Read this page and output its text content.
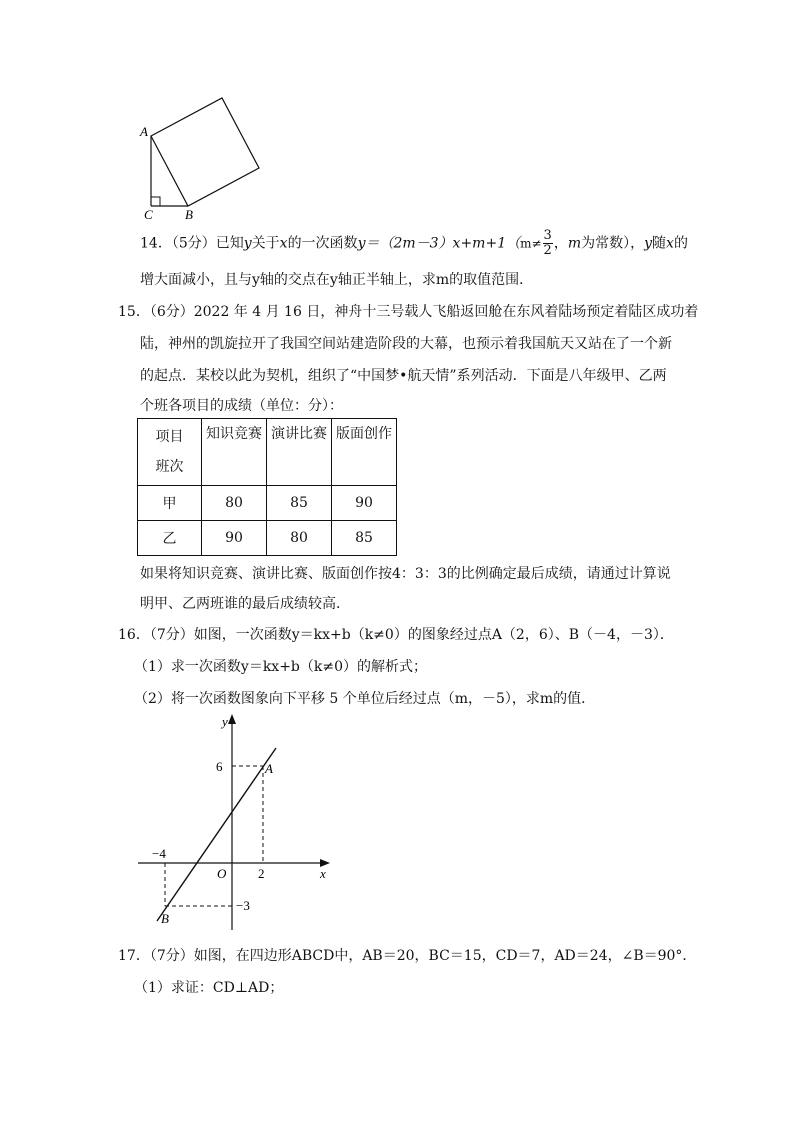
A
C B
14．（5分）已知y关于x的一次函数$y=(2m-3)x+m+1(m\ne \frac{3}{2}$ ，m为常数），y随x的
增大面减小，且与y轴的交点在y轴正半轴上，求m的取值范围．
15．（6分）2022 年 4 月 16 日，神舟十三号载人飞船返回舱在东风着陆场预定着陆区成功着
陆，神州的凯旋拉开了我国空间站建造阶段的大幕，也预示着我国航天又站在了一个新
的起点．某校以此为契机，组织了“中国梦•航天情”系列活动．下面是八年级甲、乙两
个班各项目的成绩（单位：分）：
项目
班次	知识竞赛	演讲比赛	版面创作
甲	80	85	90
乙	90	80	85
如果将知识竞赛、演讲比赛、版面创作按4：3：3的比例确定最后成绩，请通过计算说
明甲、乙两班谁的最后成绩较高．
16．（7分）如图，一次函数y＝kx+b（k≠0）的图象经过点A（2，6）、B（－4，－3）．
（1）求一次函数y＝kx+b（k≠0）的解析式；
（2）将一次函数图象向下平移 5 个单位后经过点（m，－5），求m的值．
y
x
O
A
B
6
2
−4
−3
17．（7分）如图，在四边形ABCD中，AB＝20，BC＝15，CD＝7，AD＝24，∠B＝90°．
（1）求证：CD⊥AD；
